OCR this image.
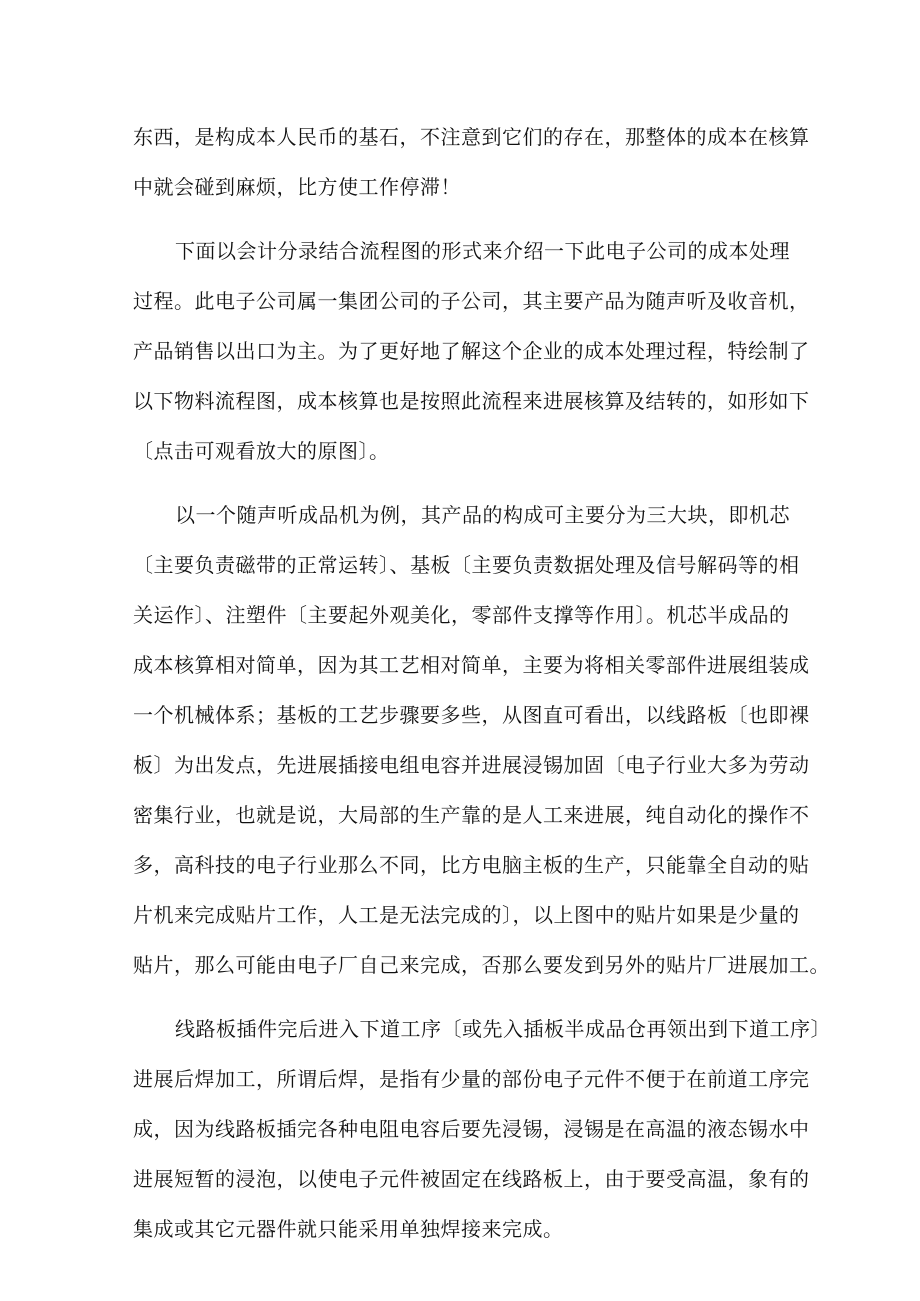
东西，是构成本人民币的基石，不注意到它们的存在，那整体的成本在核算
中就会碰到麻烦，比方使工作停滞！
下面以会计分录结合流程图的形式来介绍一下此电子公司的成本处理
过程。此电子公司属一集团公司的子公司，其主要产品为随声听及收音机，
产品销售以出口为主。为了更好地了解这个企业的成本处理过程，特绘制了
以下物料流程图，成本核算也是按照此流程来进展核算及结转的，如形如下
〔点击可观看放大的原图〕。
以一个随声听成品机为例，其产品的构成可主要分为三大块，即机芯
〔主要负责磁带的正常运转〕、基板〔主要负责数据处理及信号解码等的相
关运作〕、注塑件〔主要起外观美化，零部件支撑等作用〕。机芯半成品的
成本核算相对简单，因为其工艺相对简单，主要为将相关零部件进展组装成
一个机械体系；基板的工艺步骤要多些，从图直可看出，以线路板〔也即裸
板〕为出发点，先进展插接电组电容并进展浸锡加固〔电子行业大多为劳动
密集行业，也就是说，大局部的生产靠的是人工来进展，纯自动化的操作不
多，高科技的电子行业那么不同，比方电脑主板的生产，只能靠全自动的贴
片机来完成贴片工作，人工是无法完成的〕，以上图中的贴片如果是少量的
贴片，那么可能由电子厂自己来完成，否那么要发到另外的贴片厂进展加工。
线路板插件完后进入下道工序〔或先入插板半成品仓再领出到下道工序〕
进展后焊加工，所谓后焊，是指有少量的部份电子元件不便于在前道工序完
成，因为线路板插完各种电阻电容后要先浸锡，浸锡是在高温的液态锡水中
进展短暂的浸泡，以使电子元件被固定在线路板上，由于要受高温，象有的
集成或其它元器件就只能采用单独焊接来完成。
